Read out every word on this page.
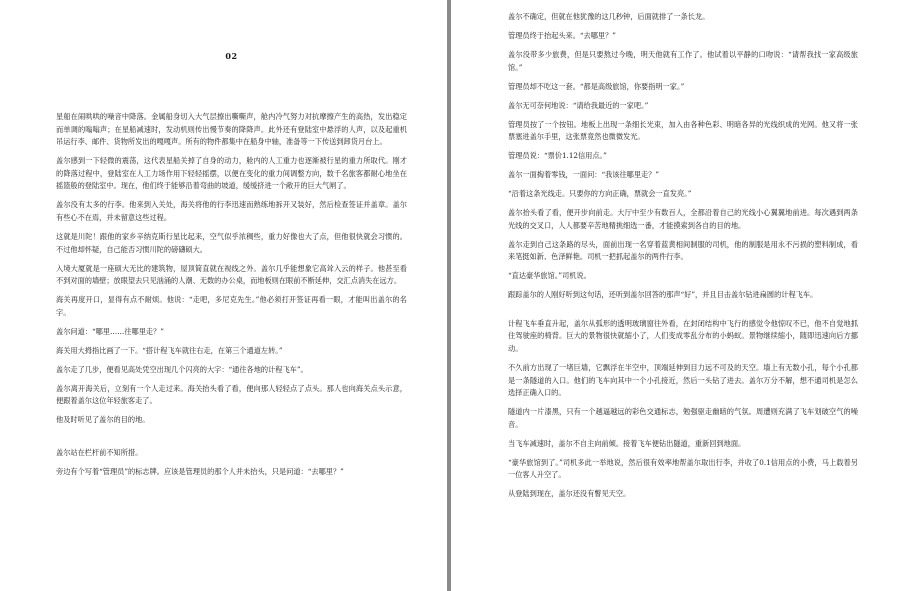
02

星船在闹哄哄的噪音中降落。金属船身切入大气层擦出嘶嘶声，舱内冷气努力对抗摩擦产生的高热，发出稳定而单调的嗡嗡声；在星船减速时，发动机则传出慢节奏的降降声。此外还有登陆室中悬浮的人声，以及起重机吊运行李、邮件、货物所发出的嘎嘎声。所有的物件都集中在船身中轴，准备等一下传送到卸货月台上。

盖尔感到一下轻微的震荡，这代表星船关掉了自身的动力，舱内的人工重力也逐渐被行星的重力所取代。刚才的降落过程中，登陆室在人工力场作用下轻轻摇摆，以便在变化的重力间调整方向，数千名旅客都耐心地坐在摇篮般的登陆室中。现在，他们终于能够沿着弯曲的坡道，缓缓挤进一个敞开的巨大气闸了。

盖尔没有太多的行李。他来到入关处，海关将他的行李迅速而熟练地拆开又装好，然后检查签证并盖章。盖尔有些心不在焉，并未留意这些过程。

这就是川陀！跟他的家乡辛纳克斯行星比起来，空气似乎浓稠些，重力好像也大了点，但他很快就会习惯的。不过他却怀疑，自己能否习惯川陀的磅礴硕大。

入境大厦就是一座硕大无比的建筑物，屋顶简直就在视线之外。盖尔几乎能想象它高耸入云的样子。他甚至看不到对面的墙壁；放眼望去只见汹涌的人潮、无数的办公桌，而地板则在眼前不断延伸，交汇点消失在远方。

海关再度开口，显得有点不耐烦。他说：“走吧，多尼克先生。”他必须打开签证再看一眼，才能叫出盖尔的名字。

盖尔问道：“哪里……往哪里走？”

海关用大拇指比画了一下。“搭计程飞车就往右走，在第三个通道左转。”

盖尔走了几步，便看见高处凭空出现几个闪亮的大字：“通往各地的计程飞车”。

盖尔离开海关后，立刻有一个人走过来。海关抬头看了看，便向那人轻轻点了点头。那人也向海关点头示意，便跟着盖尔这位年轻旅客走了。

他及时听见了盖尔的目的地。

盖尔站在栏杆前不知所措。

旁边有个写着“管理员”的标志牌。应该是管理员的那个人并未抬头，只是问道：“去哪里？”

盖尔不确定，但就在他犹豫的这几秒钟，后面就排了一条长龙。

管理员终于抬起头来。“去哪里？”

盖尔没带多少旅费，但是只要熬过今晚，明天他就有工作了。他试着以平静的口吻说：“请帮我找一家高级旅馆。”

管理员却不吃这一套。“都是高级旅馆，你要指明一家。”

盖尔无可奈何地说：“请给我最近的一家吧。”

管理员按了一个按钮。地板上出现一条细长光束，加入由各种色彩、明暗各异的光线织成的光网。他又将一张票塞进盖尔手里，这张票竟然也微微发光。

管理员说：“票价1.12信用点。”

盖尔一面掏着零钱，一面问：“我该往哪里走？”

“沿着这条光线走。只要你的方向正确，票就会一直发亮。”

盖尔抬头看了看，便开步向前走。大厅中至少有数百人，全都沿着自己的光线小心翼翼地前进。每次遇到两条光线的交叉口，人人都要辛苦地精挑细选一番，才能摸索到各自的目的地。

盖尔走到自己这条路的尽头，面前出现一名穿着蓝黄相间制服的司机，他的制服是用永不污损的塑料制成，看来笔挺如新、色泽鲜艳。司机一把抓起盖尔的两件行李。

“直达豪华旅馆。”司机说。

跟踪盖尔的人刚好听到这句话，还听到盖尔回答的那声“好”，并且目击盖尔钻进扁圆的计程飞车。

计程飞车垂直升起，盖尔从弧形的透明玻璃窗往外看，在封闭结构中飞行的感觉令他惊叹不已，他不自觉地抓住驾驶座的椅背。巨大的景物很快就缩小了，人们变成零乱分布的小蚂蚁。景物继续缩小，随即迅速向后方挪动。

不久前方出现了一堵巨墙，它飘浮在半空中，顶端延伸到目力远不可及的天空。墙上有无数小孔，每个小孔都是一条隧道的入口。他们的飞车向其中一个小孔接近，然后一头钻了进去。盖尔万分不解，想不通司机是怎么选择正确入口的。

隧道内一片漆黑，只有一个越逼越远的彩色交通标志，勉强驱走幽暗的气氛。周遭则充满了飞车划破空气的噪音。

当飞车减速时，盖尔不自主向前倾。接着飞车便钻出隧道，重新回到地面。

“豪华旅馆到了。”司机多此一举地说，然后很有效率地帮盖尔取出行李，并收了0.1信用点的小费，马上载着另一位客人升空了。

从登陆到现在，盖尔还没有瞥见天空。
